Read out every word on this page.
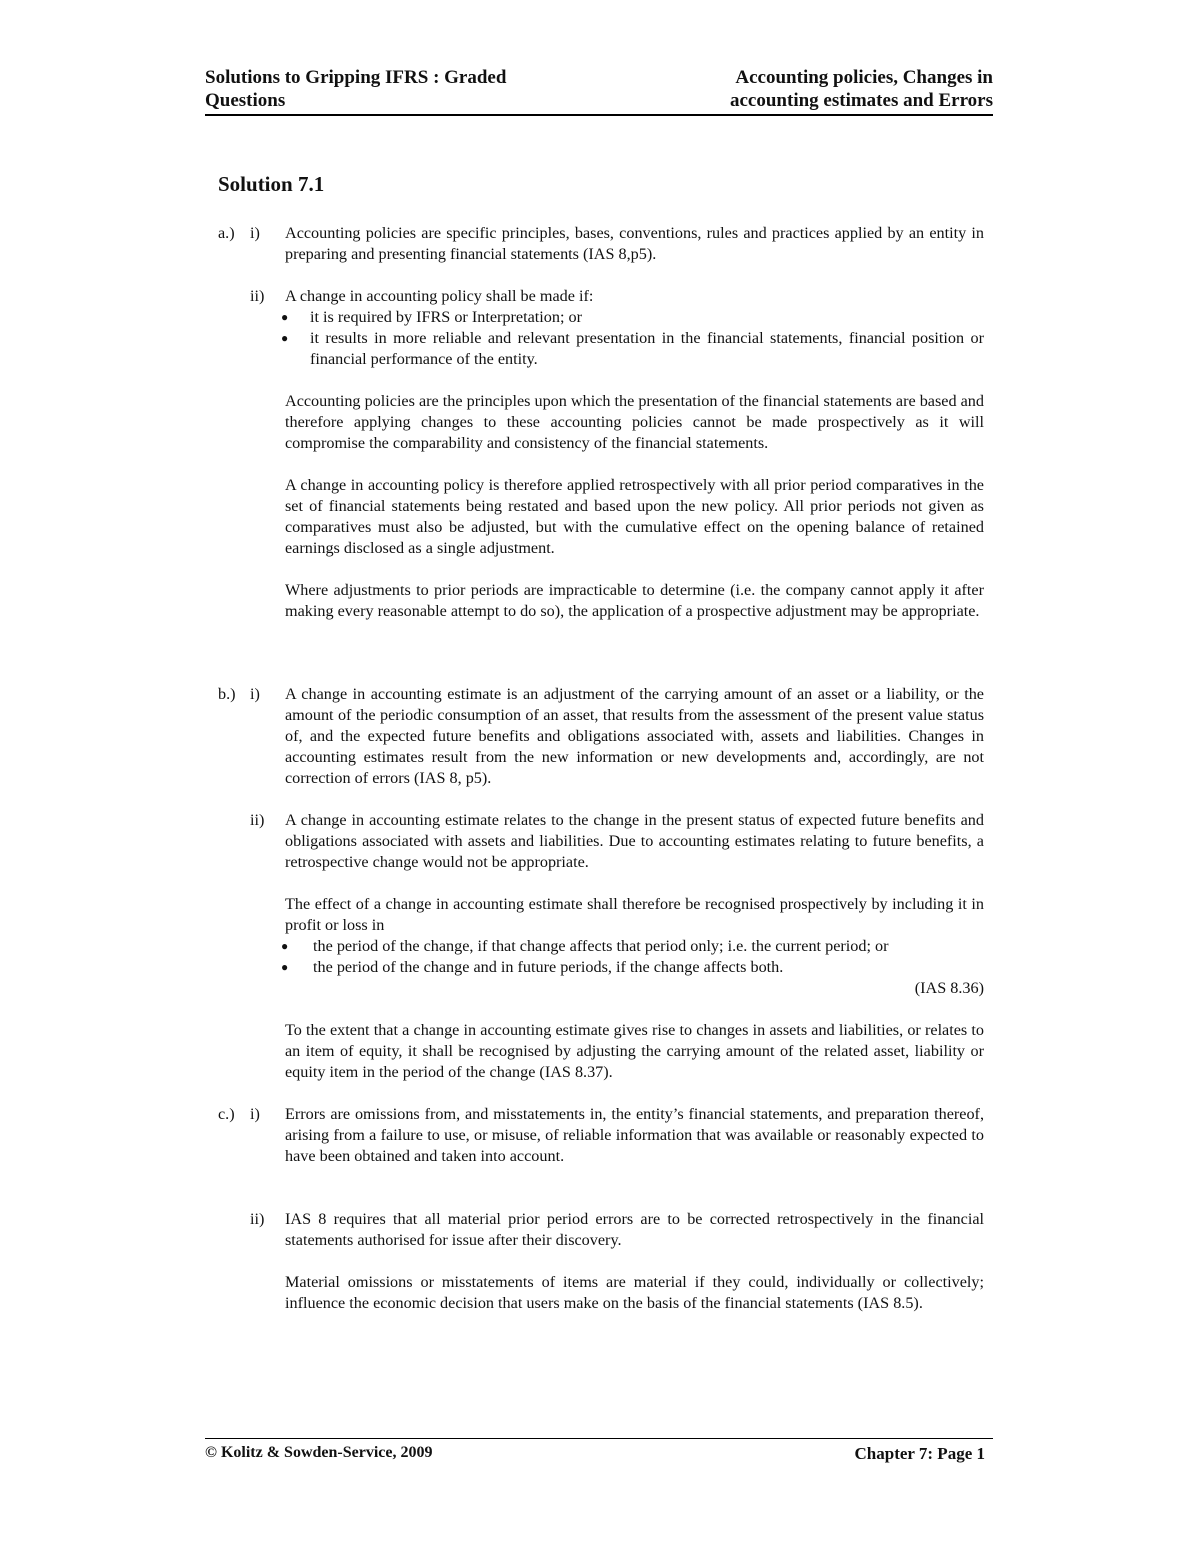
Solutions to Gripping IFRS : Graded
Questions
Accounting policies, Changes in
accounting estimates and Errors
Solution 7.1
a.) i)	Accounting policies are specific principles, bases, conventions, rules and practices applied by an entity in preparing and presenting financial statements (IAS 8,p5).

ii)	A change in accounting policy shall be made if:

●	it is required by IFRS or Interpretation; or
●	it results in more reliable and relevant presentation in the financial statements, financial position or financial performance of the entity.

Accounting policies are the principles upon which the presentation of the financial statements are based and therefore applying changes to these accounting policies cannot be made prospectively as it will compromise the comparability and consistency of the financial statements.

A change in accounting policy is therefore applied retrospectively with all prior period comparatives in the set of financial statements being restated and based upon the new policy. All prior periods not given as comparatives must also be adjusted, but with the cumulative effect on the opening balance of retained earnings disclosed as a single adjustment.

Where adjustments to prior periods are impracticable to determine (i.e. the company cannot apply it after making every reasonable attempt to do so), the application of a prospective adjustment may be appropriate.

b.) i)	A change in accounting estimate is an adjustment of the carrying amount of an asset or a liability, or the amount of the periodic consumption of an asset, that results from the assessment of the present value status of, and the expected future benefits and obligations associated with, assets and liabilities. Changes in accounting estimates result from the new information or new developments and, accordingly, are not correction of errors (IAS 8, p5).

ii)	A change in accounting estimate relates to the change in the present status of expected future benefits and obligations associated with assets and liabilities. Due to accounting estimates relating to future benefits, a retrospective change would not be appropriate.

The effect of a change in accounting estimate shall therefore be recognised prospectively by including it in profit or loss in

●	the period of the change, if that change affects that period only; i.e. the current period; or
●	the period of the change and in future periods, if the change affects both.
(IAS 8.36)

To the extent that a change in accounting estimate gives rise to changes in assets and liabilities, or relates to an item of equity, it shall be recognised by adjusting the carrying amount of the related asset, liability or equity item in the period of the change (IAS 8.37).

c.) i)	Errors are omissions from, and misstatements in, the entity’s financial statements, and preparation thereof, arising from a failure to use, or misuse, of reliable information that was available or reasonably expected to have been obtained and taken into account.

ii)	IAS 8 requires that all material prior period errors are to be corrected retrospectively in the financial statements authorised for issue after their discovery.

Material omissions or misstatements of items are material if they could, individually or collectively; influence the economic decision that users make on the basis of the financial statements (IAS 8.5).

© Kolitz & Sowden-Service, 2009	Chapter 7: Page 1
